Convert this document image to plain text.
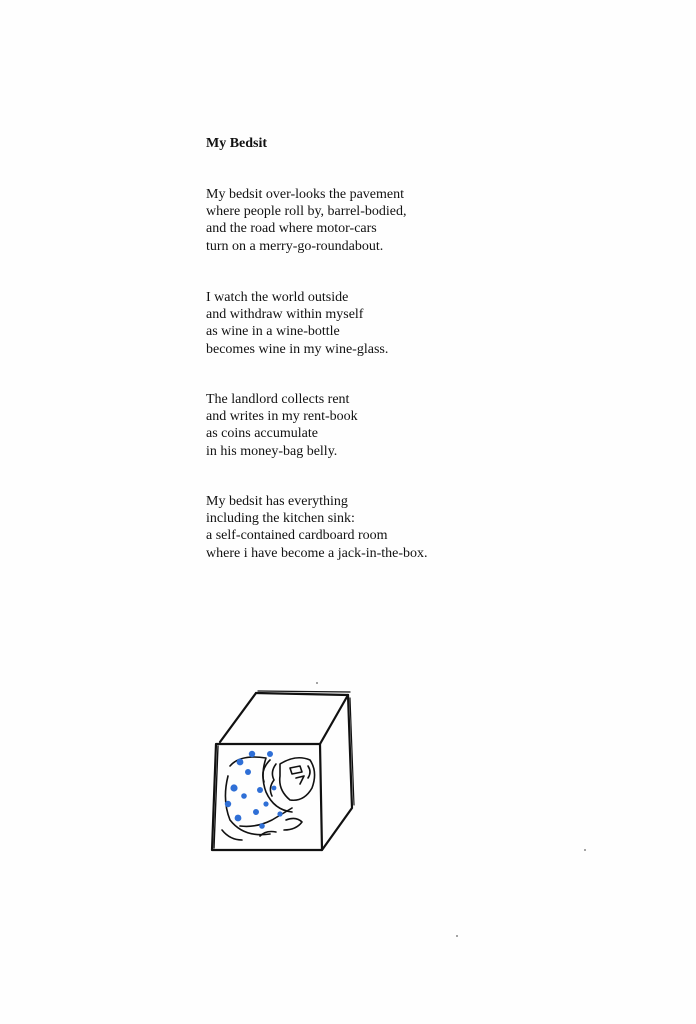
My Bedsit
My bedsit over-looks the pavement
where people roll by, barrel-bodied,
and the road where motor-cars
turn on a merry-go-roundabout.
I watch the world outside
and withdraw within myself
as wine in a wine-bottle
becomes wine in my wine-glass.
The landlord collects rent
and writes in my rent-book
as coins accumulate
in his money-bag belly.
My bedsit has everything
including the kitchen sink:
a self-contained cardboard room
where i have become a jack-in-the-box.
